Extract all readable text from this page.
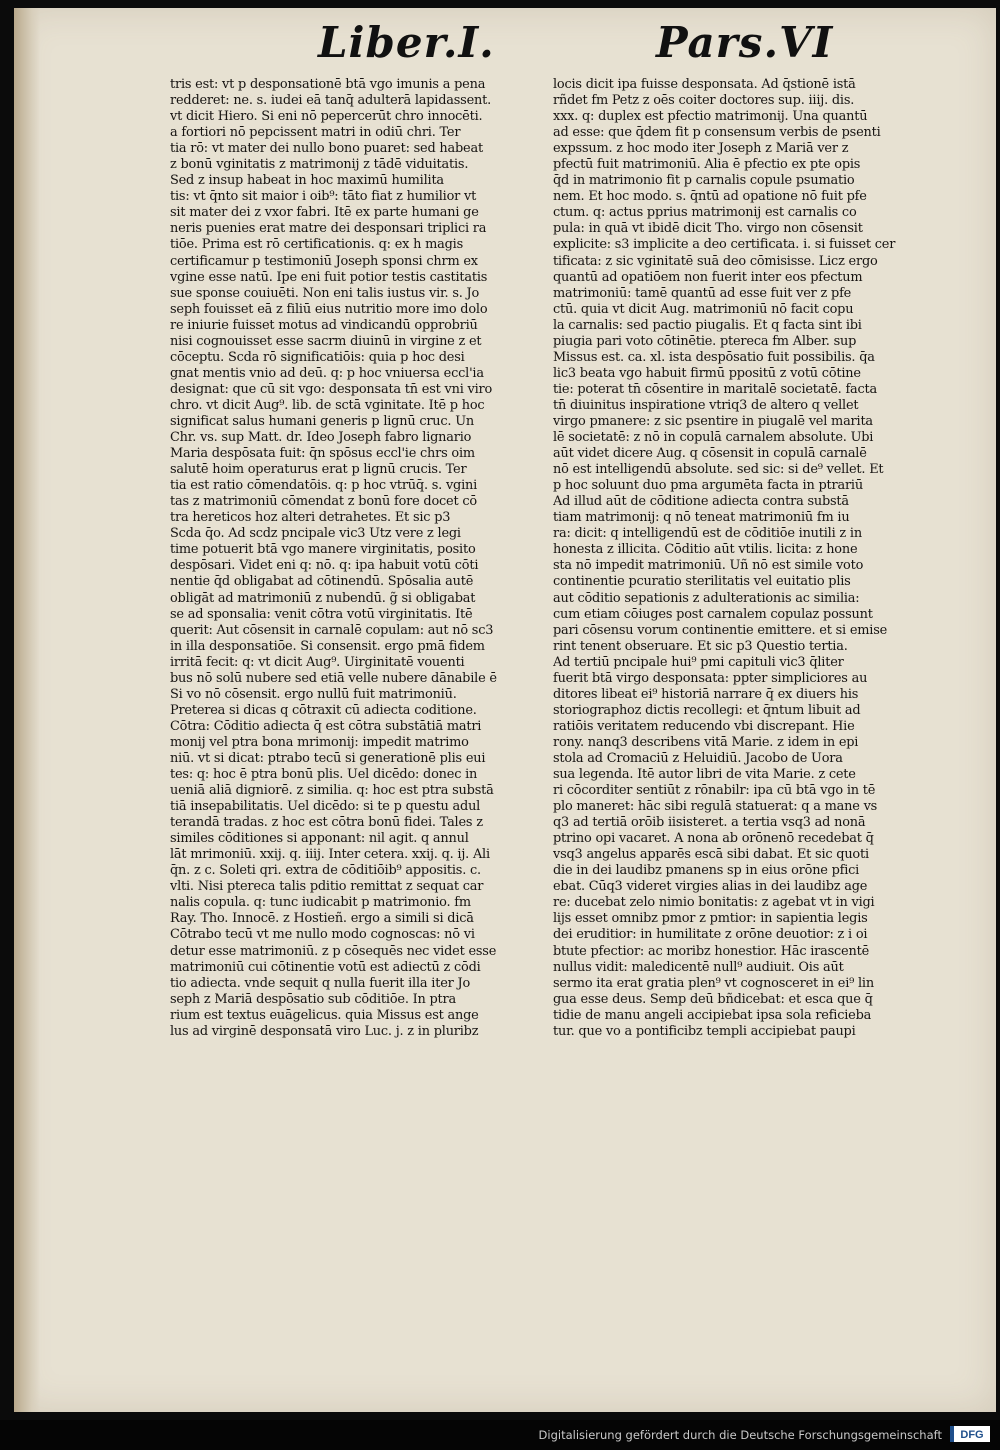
Liber.I.	Pars.VI
tris est: vt p desponsationē btā vgo imunis a pena
redderet: ne. s. iudei eā tanq̄ adulterā lapidassent.
vt dicit Hiero. Si eni nō pepercerūt chro innocēti.
a fortiori nō pepcissent matri in odiū chri. Ter
tia rō: vt mater dei nullo bono puaret: sed habeat
z bonū vginitatis z matrimonij z tādē viduitatis.
Sed z insup habeat in hoc maximū humilita
tis: vt q̄nto sit maior i oib⁹: tāto fiat z humilior vt
sit mater dei z vxor fabri. Itē ex parte humani ge
neris puenies erat matre dei desponsari triplici ra
tiōe. Prima est rō certificationis. q: ex h magis
certificamur p testimoniū Joseph sponsi chrm ex
vgine esse natū. Ipe eni fuit potior testis castitatis
sue sponse couiuēti. Non eni talis iustus vir. s. Jo
seph fouisset eā z filiū eius nutritio more imo dolo
re iniurie fuisset motus ad vindicandū opprobriū
nisi cognouisset esse sacrm diuinū in virgine z et
cōceptu. Scda rō significatiōis: quia p hoc desi
gnat mentis vnio ad deū. q: p hoc vniuersa eccl'ia
designat: que cū sit vgo: desponsata tn̄ est vni viro
chro. vt dicit Aug⁹. lib. de sctā vginitate. Itē p hoc
significat salus humani generis p lignū cruc. Un
Chr. vs. sup Matt. dr. Ideo Joseph fabro lignario
Maria despōsata fuit: q̄n spōsus eccl'ie chrs oim
salutē hoim operaturus erat p lignū crucis. Ter
tia est ratio cōmendatōis. q: p hoc vtrūq̄. s. vgini
tas z matrimoniū cōmendat z bonū fore docet cō
tra hereticos hoz alteri detrahetes. Et sic p3
Scda q̄o. Ad scd̄z pncipale vic3 Utz vere z legi
time potuerit btā vgo manere virginitatis, posito
despōsari. Videt eni q: nō. q: ipa habuit votū cōti
nentie q̄d obligabat ad cōtinendū. Spōsalia autē
obligāt ad matrimoniū z nubendū. g̃ si obligabat
se ad sponsalia: venit cōtra votū virginitatis. Itē
querit: Aut cōsensit in carnalē copulam: aut nō sc3
in illa desponsatiōe. Si consensit. ergo pmā fidem
irritā fecit: q: vt dicit Aug⁹. Uirginitatē vouenti
bus nō solū nubere sed etiā velle nubere dānabile ē
Si vo nō cōsensit. ergo nullū fuit matrimoniū.
Preterea si dicas q cōtraxit cū adiecta coditione.
Cōtra: Cōditio adiecta q̄ est cōtra substātiā matri
monij vel ptra bona mrimonij: impedit matrimo
niū. vt si dicat: ptrabo tecū si generationē plis eui
tes: q: hoc ē ptra bonū plis. Uel dicēdo: donec in
ueniā aliā digniorē. z similia. q: hoc est ptra substā
tiā insepabilitatis. Uel dicēdo: si te p questu adul
terandā tradas. z hoc est cōtra bonū fidei. Tales z
similes cōditiones si apponant: nil agit. q annul
lāt mrimoniū. xxij. q. iiij. Inter cetera. xxij. q. ij. Ali
q̄n. z c. Soleti qri. extra de cōditiōib⁹ appositis. c.
vlti. Nisi ptereca talis pditio remittat z sequat car
nalis copula. q: tunc iudicabit p matrimonio. fm
Ray. Tho. Innocē. z Hostieñ. ergo a simili si dicā
Cōtrabo tecū vt me nullo modo cognoscas: nō vi
detur esse matrimoniū. z p cōsequēs nec videt esse
matrimoniū cui cōtinentie votū est adiectū z cōdi
tio adiecta. vnde sequit q nulla fuerit illa iter Jo
seph z Mariā despōsatio sub cōditiōe. In ptra
rium est textus euāgelicus. quia Missus est ange
lus ad virginē desponsatā viro Luc. j. z in pluribz
locis dicit ipa fuisse desponsata. Ad q̄stionē istā
rñdet fm Petz z oēs coiter doctores sup. iiij. dis.
xxx. q: duplex est pfectio matrimonij. Una quantū
ad esse: que q̄dem fit p consensum verbis de psenti
expssum. z hoc modo iter Joseph z Mariā ver z
pfectū fuit matrimoniū. Alia ē pfectio ex pte opis
q̄d in matrimonio fit p carnalis copule psumatio
nem. Et hoc modo. s. q̄ntū ad opatione nō fuit pfe
ctum. q: actus pprius matrimonij est carnalis co
pula: in quā vt ibidē dicit Tho. virgo non cōsensit
explicite: s3 implicite a deo certificata. i. si fuisset cer
tificata: z sic vginitatē suā deo cōmisisse. Licz ergo
quantū ad opatiōem non fuerit inter eos pfectum
matrimoniū: tamē quantū ad esse fuit ver z pfe
ctū. quia vt dicit Aug. matrimoniū nō facit copu
la carnalis: sed pactio piugalis. Et q facta sint ibi
piugia pari voto cōtinētie. ptereca fm Alber. sup
Missus est. ca. xl. ista despōsatio fuit possibilis. q̄a
lic3 beata vgo habuit firmū ppositū z votū cōtine
tie: poterat tn̄ cōsentire in maritalē societatē. facta
tn̄ diuinitus inspiratione vtriq3 de altero q vellet
virgo pmanere: z sic psentire in piugalē vel marita
lē societatē: z nō in copulā carnalem absolute. Ubi
aūt videt dicere Aug. q cōsensit in copulā carnalē
nō est intelligendū absolute. sed sic: si de⁹ vellet. Et
p hoc soluunt duo pma argumēta facta in ptrariū
Ad illud aūt de cōditione adiecta contra substā
tiam matrimonij: q nō teneat matrimoniū fm iu
ra: dicit: q intelligendū est de cōditiōe inutili z in
honesta z illicita. Cōditio aūt vtilis. licita: z hone
sta nō impedit matrimoniū. Uñ nō est simile voto
continentie pcuratio sterilitatis vel euitatio plis
aut cōditio sepationis z adulterationis ac similia:
cum etiam cōiuges post carnalem copulaz possunt
pari cōsensu vorum continentie emittere. et si emise
rint tenent obseruare. Et sic p3 Questio tertia.
Ad tertiū pncipale hui⁹ pmi capituli vic3 q̄liter
fuerit btā virgo desponsata: ppter simpliciores au
ditores libeat ei⁹ historiā narrare q̄ ex diuers his
storiographoz dictis recollegi: et q̄ntum libuit ad
ratiōis veritatem reducendo vbi discrepant. Hie
rony. nanq3 describens vitā Marie. z idem in epi
stola ad Cromaciū z Heluidiū. Jacobo de Uora
sua legenda. Itē autor libri de vita Marie. z cete
ri cōcorditer sentiūt z rōnabilr: ipa cū btā vgo in tē
plo maneret: hāc sibi regulā statuerat: q a mane vs
q3 ad tertiā orōib iisisteret. a tertia vsq3 ad nonā
ptrino opi vacaret. A nona ab orōnenō recedebat q̄
vsq3 angelus apparēs escā sibi dabat. Et sic quoti
die in dei laudibz pmanens sp in eius orōne pfici
ebat. Cūq3 videret virgies alias in dei laudibz age
re: ducebat zelo nimio bonitatis: z agebat vt in vigi
lijs esset omnibz pmor z pmtior: in sapientia legis
dei eruditior: in humilitate z orōne deuotior: z i oi
btute pfectior: ac moribz honestior. Hāc irascentē
nullus vidit: maledicentē null⁹ audiuit. Ois aūt
sermo ita erat gratia plen⁹ vt cognosceret in ei⁹ lin
gua esse deus. Semp deū bñdicebat: et esca que q̄
tidie de manu angeli accipiebat ipsa sola reficieba
tur. que vo a pontificibz templi accipiebat paupi
Digitalisierung gefördert durch die Deutsche Forschungsgemeinschaft DFG
